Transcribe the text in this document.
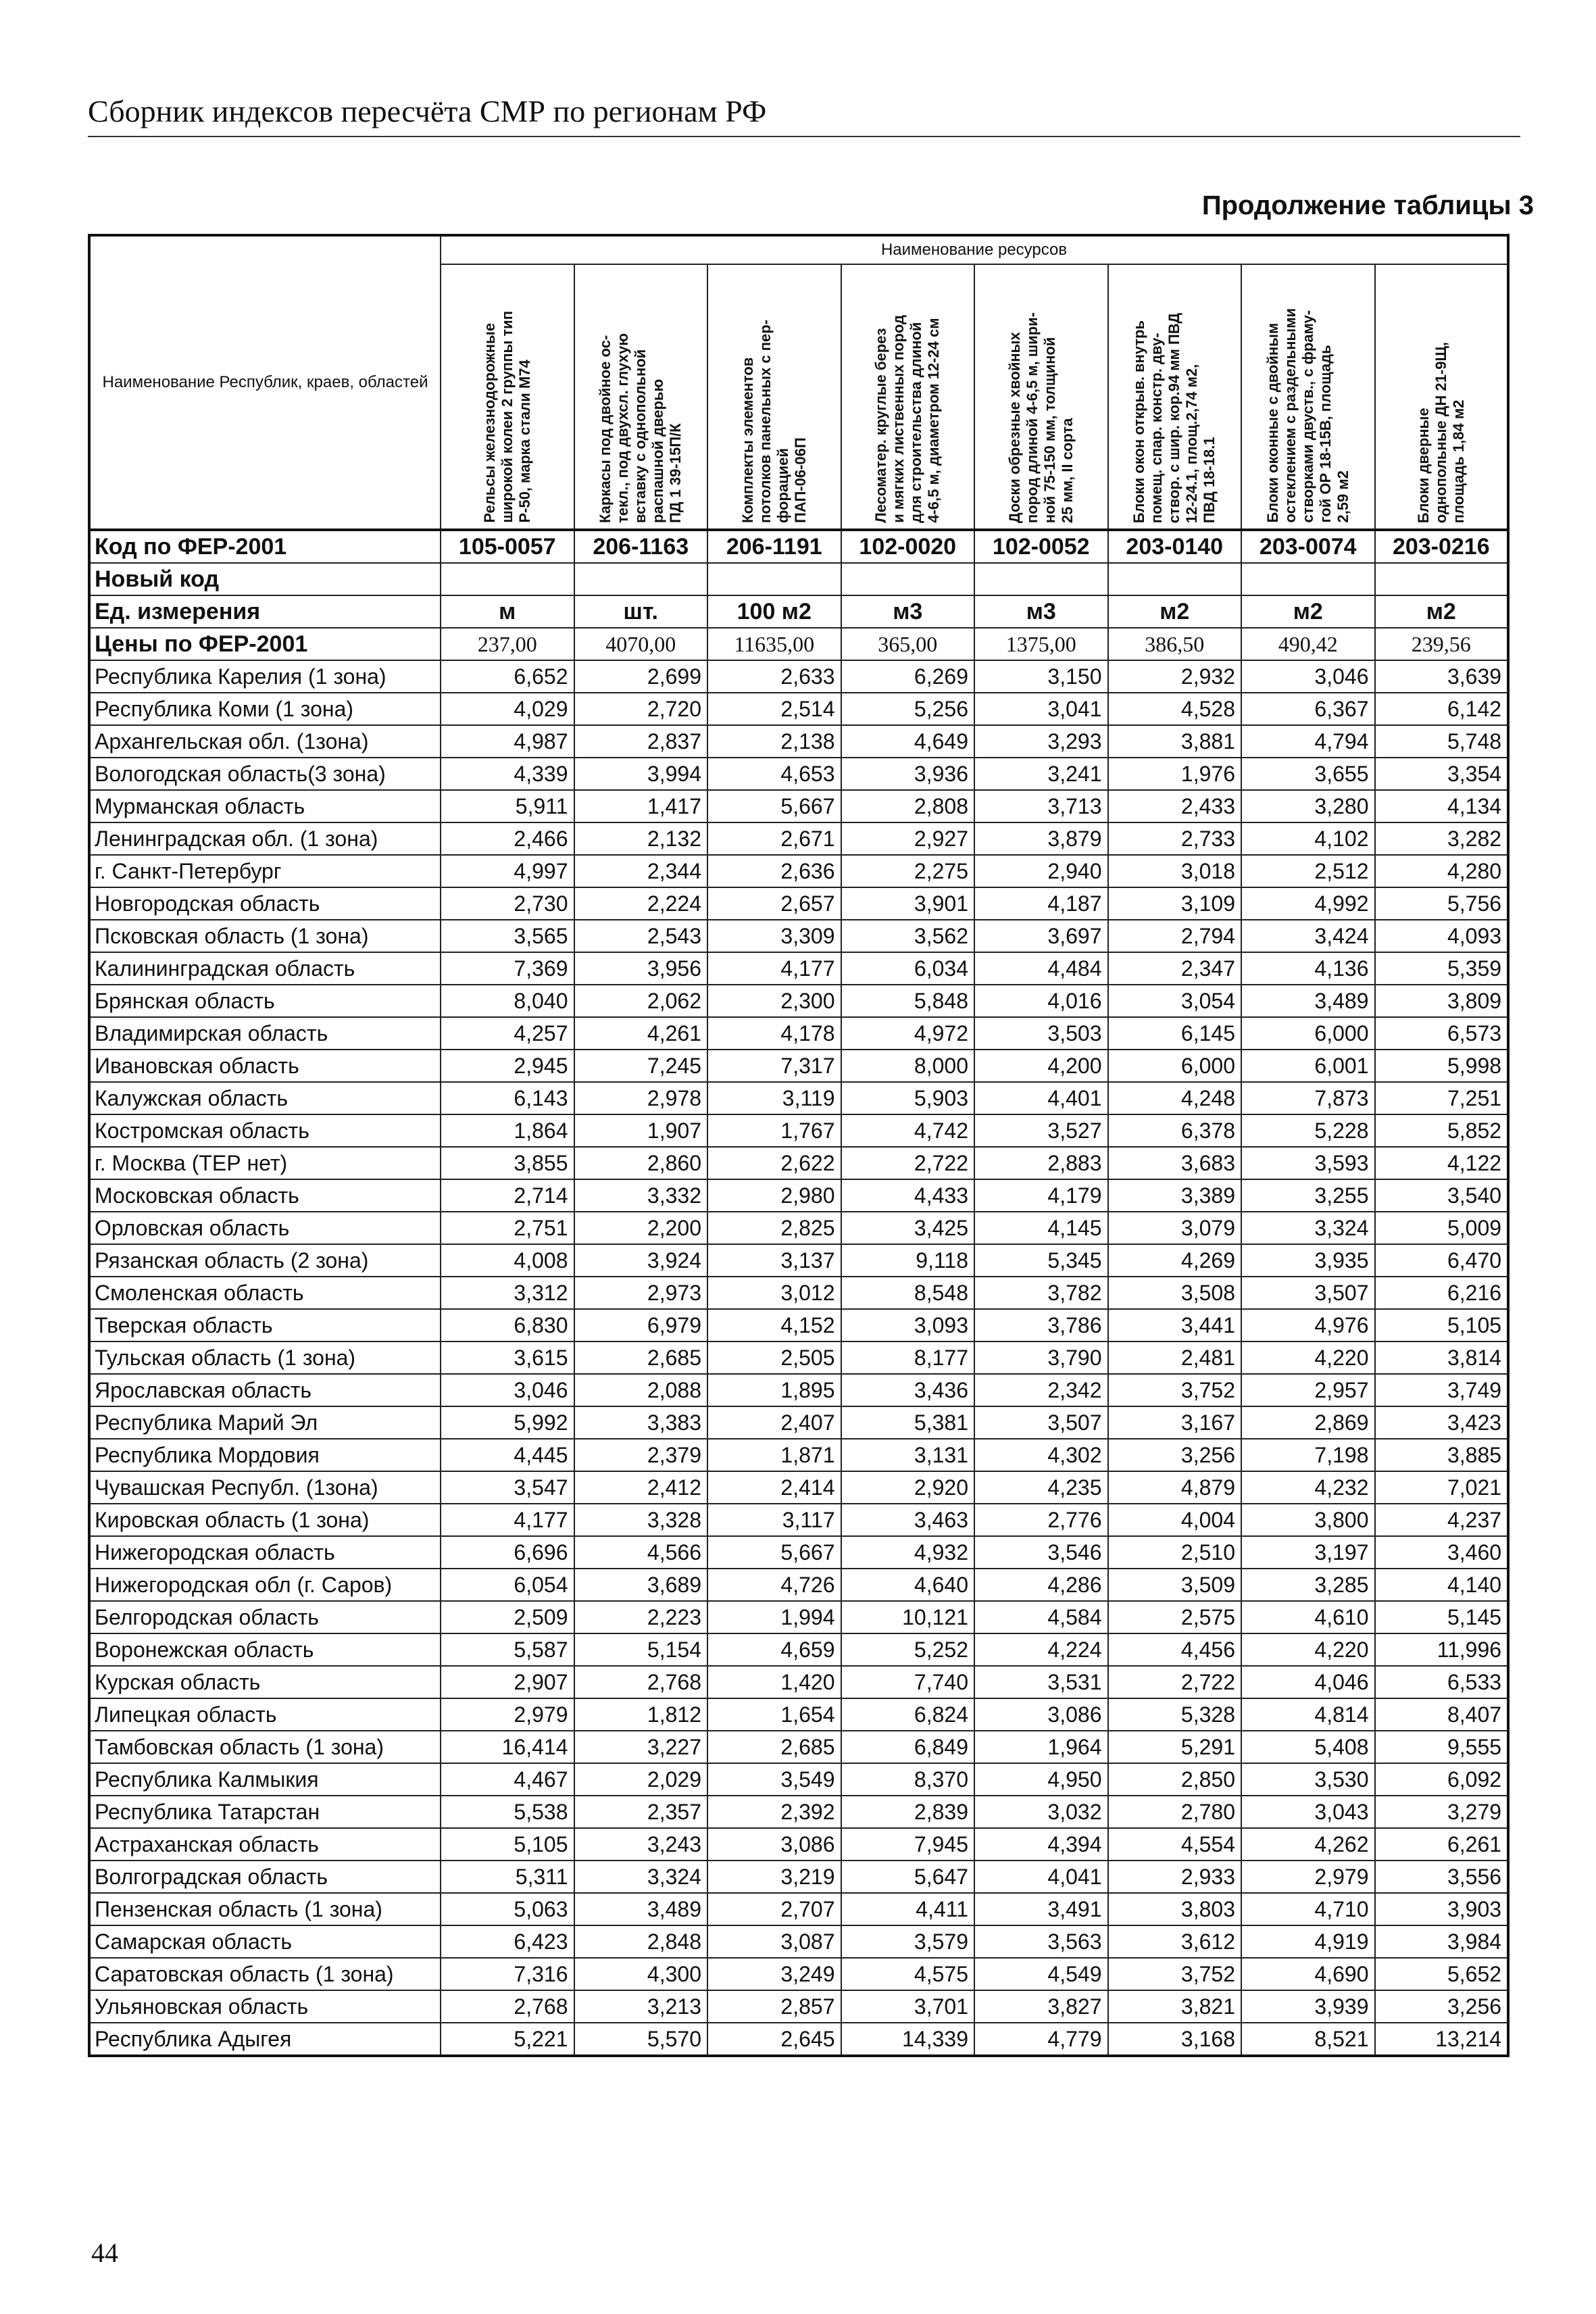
Сборник индексов пересчёта СМР по регионам РФ
Продолжение таблицы 3
Наименование Республик, краев, областей	Наименование ресурсов							

	Рельсы железнодорожные
широкой колеи 2 группы тип
Р-50, марка стали М74	Каркасы под двойное ос-
текл., под двухсл. глухую
вставку с однопольной
распашной дверью
ПД 1 39-15П/К	Комплекты элементов
потолков панельных с пер-
форацией
ПАП-06-06П	Лесоматер. круглые берез
и мягких лиственных пород
для строительства длиной
4-6,5 м, диаметром 12-24 см	Доски обрезные хвойных
пород длиной 4-6,5 м, шири-
ной 75-150 мм, толщиной
25 мм, II сорта	Блоки окон открыв. внутрь
помещ. спар. констр. дву-
створ. с шир. кор.94 мм ПВД
12-24.1, площ.2,74 м2,
ПВД 18-18.1	Блоки оконные с двойным
остеклением с раздельными
створками двуств., с фраму-
гой ОР 18-15В, площадь
2,59 м2	Блоки дверные
однопольные ДН 21-9Щ,
площадь 1,84 м2

Код по ФЕР-2001	105-0057	206-1163	206-1191	102-0020	102-0052	203-0140	203-0074	203-0216
Новый код								
Ед. измерения	м	шт.	100 м2	м3	м3	м2	м2	м2
Цены по ФЕР-2001	237,00	4070,00	11635,00	365,00	1375,00	386,50	490,42	239,56
Республика Карелия (1 зона)	6,652	2,699	2,633	6,269	3,150	2,932	3,046	3,639
Республика Коми (1 зона)	4,029	2,720	2,514	5,256	3,041	4,528	6,367	6,142
Архангельская обл. (1зона)	4,987	2,837	2,138	4,649	3,293	3,881	4,794	5,748
Вологодская область(3 зона)	4,339	3,994	4,653	3,936	3,241	1,976	3,655	3,354
Мурманская область	5,911	1,417	5,667	2,808	3,713	2,433	3,280	4,134
Ленинградская обл. (1 зона)	2,466	2,132	2,671	2,927	3,879	2,733	4,102	3,282
г. Санкт-Петербург	4,997	2,344	2,636	2,275	2,940	3,018	2,512	4,280
Новгородская область	2,730	2,224	2,657	3,901	4,187	3,109	4,992	5,756
Псковская область (1 зона)	3,565	2,543	3,309	3,562	3,697	2,794	3,424	4,093
Калининградская область	7,369	3,956	4,177	6,034	4,484	2,347	4,136	5,359
Брянская область	8,040	2,062	2,300	5,848	4,016	3,054	3,489	3,809
Владимирская область	4,257	4,261	4,178	4,972	3,503	6,145	6,000	6,573
Ивановская область	2,945	7,245	7,317	8,000	4,200	6,000	6,001	5,998
Калужская область	6,143	2,978	3,119	5,903	4,401	4,248	7,873	7,251
Костромская область	1,864	1,907	1,767	4,742	3,527	6,378	5,228	5,852
г. Москва (ТЕР нет)	3,855	2,860	2,622	2,722	2,883	3,683	3,593	4,122
Московская область	2,714	3,332	2,980	4,433	4,179	3,389	3,255	3,540
Орловская область	2,751	2,200	2,825	3,425	4,145	3,079	3,324	5,009
Рязанская область (2 зона)	4,008	3,924	3,137	9,118	5,345	4,269	3,935	6,470
Смоленская область	3,312	2,973	3,012	8,548	3,782	3,508	3,507	6,216
Тверская область	6,830	6,979	4,152	3,093	3,786	3,441	4,976	5,105
Тульская область (1 зона)	3,615	2,685	2,505	8,177	3,790	2,481	4,220	3,814
Ярославская область	3,046	2,088	1,895	3,436	2,342	3,752	2,957	3,749
Республика Марий Эл	5,992	3,383	2,407	5,381	3,507	3,167	2,869	3,423
Республика Мордовия	4,445	2,379	1,871	3,131	4,302	3,256	7,198	3,885
Чувашская Республ. (1зона)	3,547	2,412	2,414	2,920	4,235	4,879	4,232	7,021
Кировская область (1 зона)	4,177	3,328	3,117	3,463	2,776	4,004	3,800	4,237
Нижегородская область	6,696	4,566	5,667	4,932	3,546	2,510	3,197	3,460
Нижегородская обл (г. Саров)	6,054	3,689	4,726	4,640	4,286	3,509	3,285	4,140
Белгородская область	2,509	2,223	1,994	10,121	4,584	2,575	4,610	5,145
Воронежская область	5,587	5,154	4,659	5,252	4,224	4,456	4,220	11,996
Курская область	2,907	2,768	1,420	7,740	3,531	2,722	4,046	6,533
Липецкая область	2,979	1,812	1,654	6,824	3,086	5,328	4,814	8,407
Тамбовская область (1 зона)	16,414	3,227	2,685	6,849	1,964	5,291	5,408	9,555
Республика Калмыкия	4,467	2,029	3,549	8,370	4,950	2,850	3,530	6,092
Республика Татарстан	5,538	2,357	2,392	2,839	3,032	2,780	3,043	3,279
Астраханская область	5,105	3,243	3,086	7,945	4,394	4,554	4,262	6,261
Волгоградская область	5,311	3,324	3,219	5,647	4,041	2,933	2,979	3,556
Пензенская область (1 зона)	5,063	3,489	2,707	4,411	3,491	3,803	4,710	3,903
Самарская область	6,423	2,848	3,087	3,579	3,563	3,612	4,919	3,984
Саратовская область (1 зона)	7,316	4,300	3,249	4,575	4,549	3,752	4,690	5,652
Ульяновская область	2,768	3,213	2,857	3,701	3,827	3,821	3,939	3,256
Республика Адыгея	5,221	5,570	2,645	14,339	4,779	3,168	8,521	13,214
44
